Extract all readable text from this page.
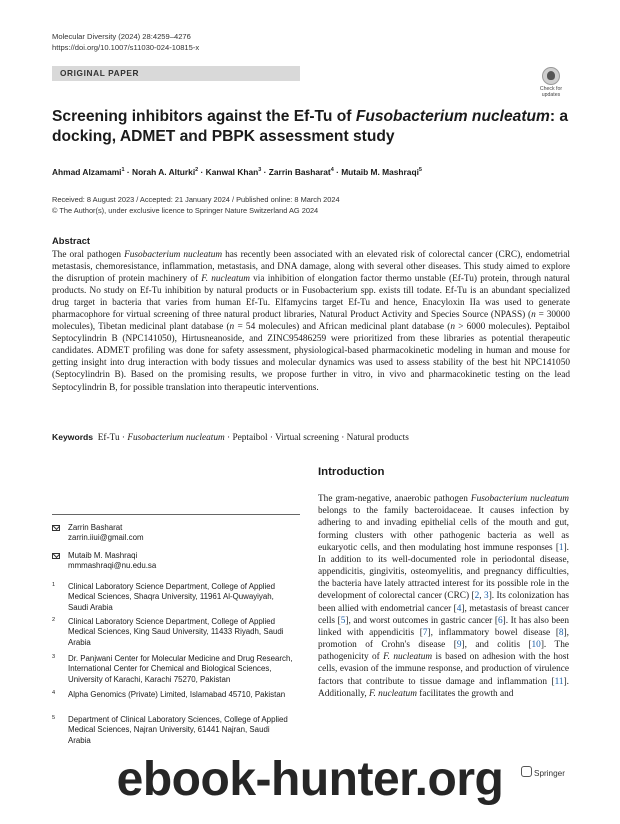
Molecular Diversity (2024) 28:4259–4276
https://doi.org/10.1007/s11030-024-10815-x
ORIGINAL PAPER
Check for updates
Screening inhibitors against the Ef-Tu of Fusobacterium nucleatum: a docking, ADMET and PBPK assessment study
Ahmad Alzamami$^1$ · Norah A. Alturki$^2$ · Kanwal Khan$^3$ · Zarrin Basharat$^4$ · Mutaib M. Mashraqi$^5$
Received: 8 August 2023 / Accepted: 21 January 2024 / Published online: 8 March 2024
© The Author(s), under exclusive licence to Springer Nature Switzerland AG 2024
Abstract
The oral pathogen Fusobacterium nucleatum has recently been associated with an elevated risk of colorectal cancer (CRC), endometrial metastasis, chemoresistance, inflammation, metastasis, and DNA damage, along with several other diseases. This study aimed to explore the disruption of protein machinery of F. nucleatum via inhibition of elongation factor thermo unstable (Ef-Tu) protein, through natural products. No study on Ef-Tu inhibition by natural products or in Fusobacterium spp. exists till todate. Ef-Tu is an abundant specialized drug target in bacteria that varies from human Ef-Tu. Elfamycins target Ef-Tu and hence, Enacyloxin IIa was used to generate pharmacophore for virtual screening of three natural product libraries, Natural Product Activity and Species Source (NPASS) (n = 30000 molecules), Tibetan medicinal plant database (n = 54 molecules) and African medicinal plant database (n > 6000 molecules). Peptaibol Septocylindrin B (NPC141050), Hirtusneanoside, and ZINC95486259 were prioritized from these libraries as potential therapeutic candidates. ADMET profiling was done for safety assessment, physiological-based pharmacokinetic modeling in human and mouse for getting insight into drug interaction with body tissues and molecular dynamics was used to assess stability of the best hit NPC141050 (Septocylindrin B). Based on the promising results, we propose further in vitro, in vivo and pharmacokinetic testing on the lead Septocylindrin B, for possible translation into therapeutic interventions.
Keywords Ef-Tu · Fusobacterium nucleatum · Peptaibol · Virtual screening · Natural products
Introduction
The gram-negative, anaerobic pathogen Fusobacterium nucleatum belongs to the family bacteroidaceae. It causes infection by adhering to and invading epithelial cells of the mouth and gut, forming clusters with other pathogenic bacteria as well as eukaryotic cells, and then modulating host immune responses [1]. In addition to its well-documented role in periodontal disease, appendicitis, gingivitis, osteomyelitis, and pregnancy difficulties, the bacteria have lately attracted interest for its possible role in the development of colorectal cancer (CRC) [2, 3]. Its colonization has been allied with endometrial cancer [4], metastasis of breast cancer cells [5], and worst outcomes in gastric cancer [6]. It has also been linked with appendicitis [7], inflammatory bowel disease [8], promotion of Crohn's disease [9], and colitis [10]. The pathogenicity of F. nucleatum is based on adhesion with the host cells, evasion of the immune response, and production of virulence factors that contribute to tissue damage and inflammation [11]. Additionally, F. nucleatum facilitates the growth and
Zarrin Basharat
zarrin.iiui@gmail.com
Mutaib M. Mashraqi
mmmashraqi@nu.edu.sa
1 Clinical Laboratory Science Department, College of Applied Medical Sciences, Shaqra University, 11961 Al-Quwayiyah, Saudi Arabia
2 Clinical Laboratory Science Department, College of Applied Medical Sciences, King Saud University, 11433 Riyadh, Saudi Arabia
3 Dr. Panjwani Center for Molecular Medicine and Drug Research, International Center for Chemical and Biological Sciences, University of Karachi, Karachi 75270, Pakistan
4 Alpha Genomics (Private) Limited, Islamabad 45710, Pakistan
5 Department of Clinical Laboratory Sciences, College of Applied Medical Sciences, Najran University, 61441 Najran, Saudi Arabia
Springer
ebook-hunter.org
